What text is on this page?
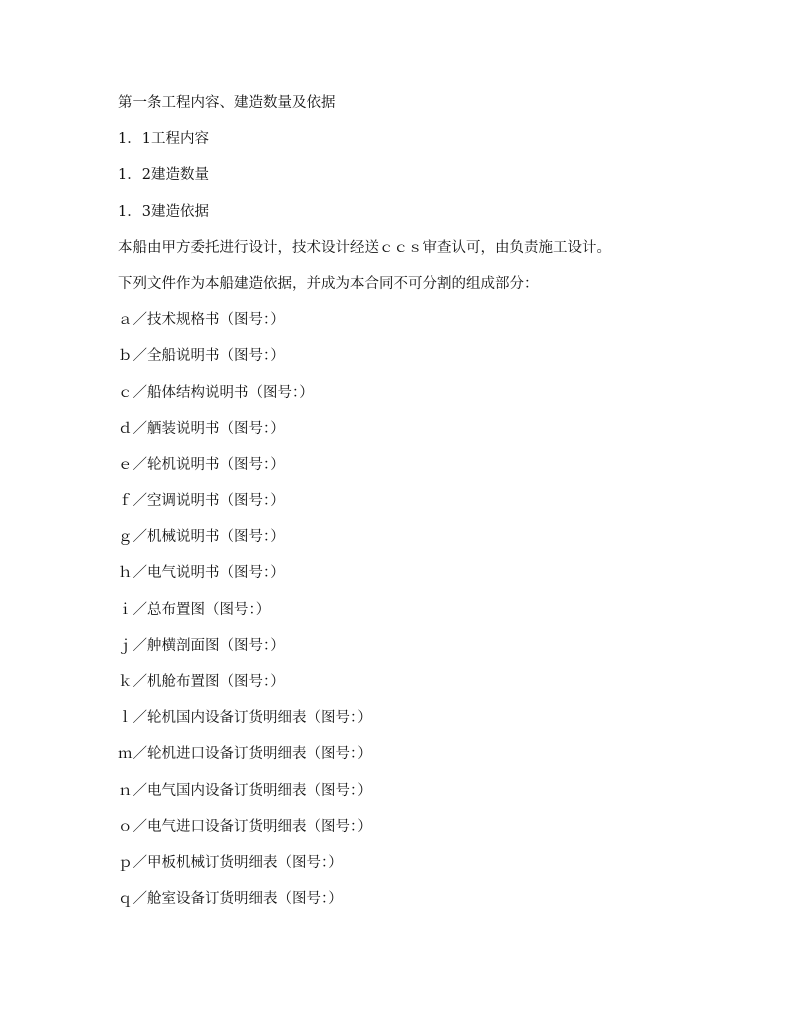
第一条工程内容、建造数量及依据
1．1工程内容
1．2建造数量
1．3建造依据
本船由甲方委托进行设计，技术设计经送ｃｃｓ审查认可，由负责施工设计。
下列文件作为本船建造依据，并成为本合同不可分割的组成部分：
ａ／技术规格书（图号：）
ｂ／全船说明书（图号：）
ｃ／船体结构说明书（图号：）
ｄ／舾装说明书（图号：）
ｅ／轮机说明书（图号：）
ｆ／空调说明书（图号：）
ｇ／机械说明书（图号：）
ｈ／电气说明书（图号：）
ｉ／总布置图（图号：）
ｊ／舯横剖面图（图号：）
ｋ／机舱布置图（图号：）
ｌ／轮机国内设备订货明细表（图号：）
ｍ／轮机进口设备订货明细表（图号：）
ｎ／电气国内设备订货明细表（图号：）
ｏ／电气进口设备订货明细表（图号：）
ｐ／甲板机械订货明细表（图号：）
ｑ／舱室设备订货明细表（图号：）
